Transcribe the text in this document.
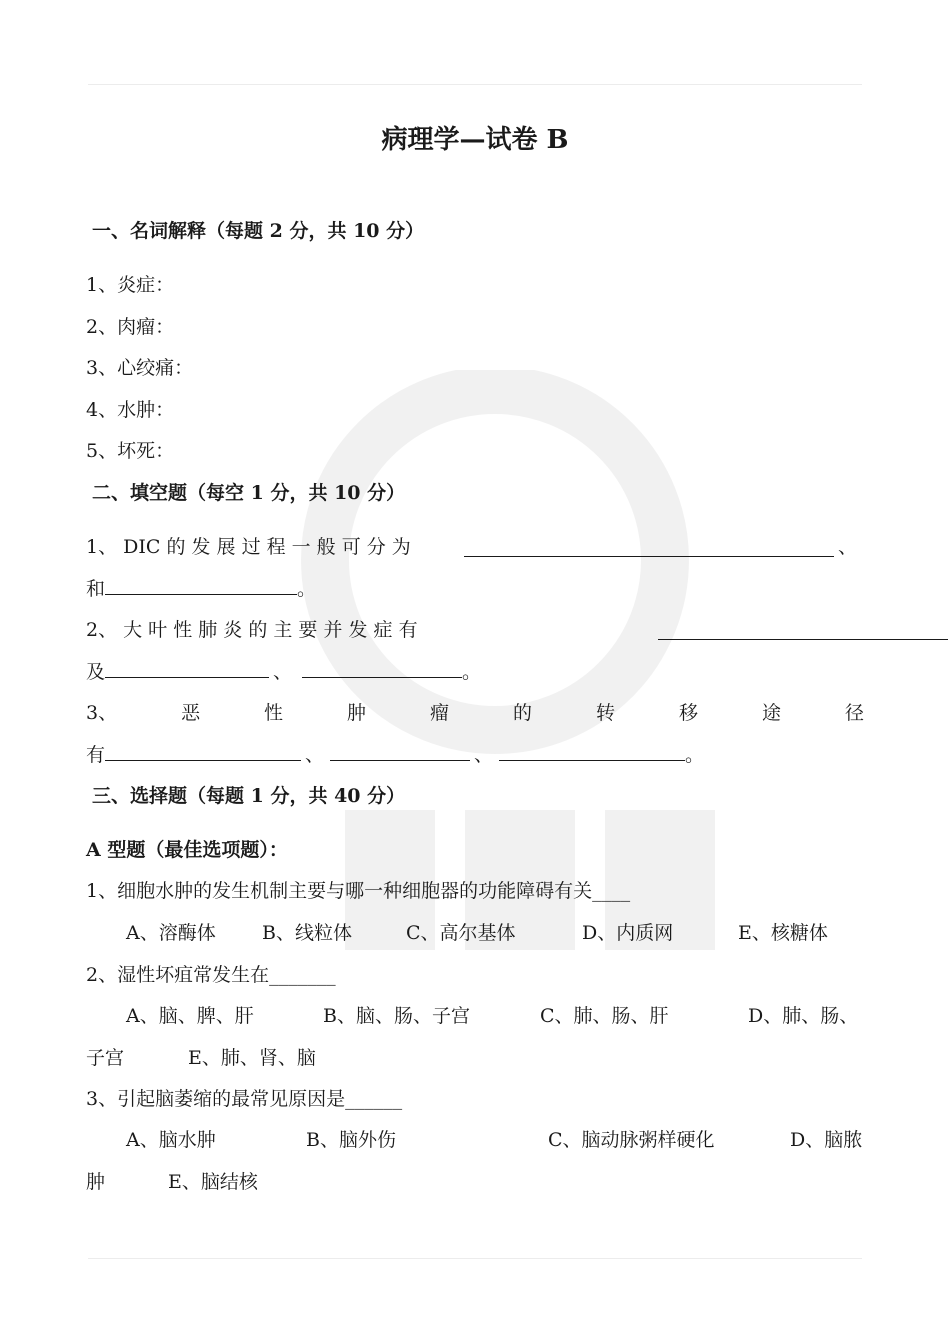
病理学—试卷 B
一、名词解释（每题 2 分，共 10 分）
1、炎症：
2、肉瘤：
3、心绞痛：
4、水肿：
5、坏死：
二、填空题（每空 1 分，共 10 分）
1、 DIC 的 发 展 过 程 一 般 可 分 为	、
和	。
2、 大 叶 性 肺 炎 的 主 要 并 发 症 有
及	、	。
3、	恶	性	肿	瘤	的	转	移	途	径
有	、	、	。
三、选择题（每题 1 分，共 40 分）
A 型题（最佳选项题）：
1、细胞水肿的发生机制主要与哪一种细胞器的功能障碍有关____
A、溶酶体 B、线粒体	C、高尔基体	D、内质网	E、核糖体
2、湿性坏疽常发生在_______
A、脑、脾、肝	B、脑、肠、子宫	C、肺、肠、肝	D、肺、肠、
子宫	E、肺、肾、脑
3、引起脑萎缩的最常见原因是______
A、脑水肿	B、脑外伤	C、脑动脉粥样硬化	D、脑脓
肿	E、脑结核
